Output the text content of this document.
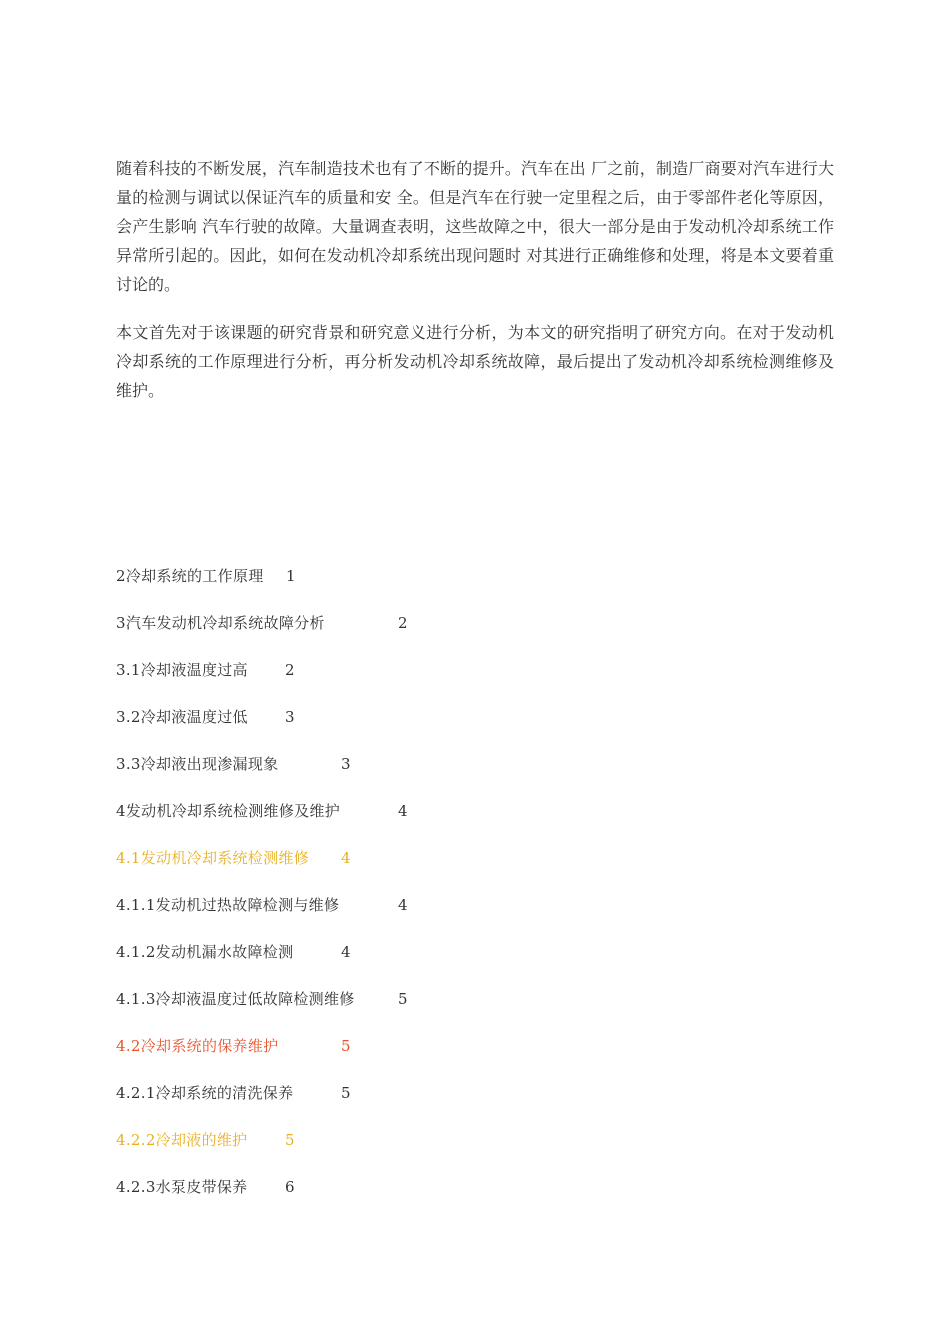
随着科技的不断发展，汽车制造技术也有了不断的提升。汽车在出 厂之前，制造厂商要对汽车进行大量的检测与调试以保证汽车的质量和安 全。但是汽车在行驶一定里程之后，由于零部件老化等原因，会产生影响 汽车行驶的故障。大量调查表明，这些故障之中，很大一部分是由于发动机冷却系统工作异常所引起的。因此，如何在发动机冷却系统出现问题时 对其进行正确维修和处理，将是本文要着重讨论的。

本文首先对于该课题的研究背景和研究意义进行分析，为本文的研究指明了研究方向。在对于发动机冷却系统的工作原理进行分析，再分析发动机冷却系统故障，最后提出了发动机冷却系统检测维修及维护。

2冷却系统的工作原理 1
3汽车发动机冷却系统故障分析	2
3.1冷却液温度过高 2
3.2冷却液温度过低 3
3.3冷却液出现渗漏现象	3
4发动机冷却系统检测维修及维护	4
4.1发动机冷却系统检测维修 4
4.1.1发动机过热故障检测与维修	4
4.1.2发动机漏水故障检测	4
4.1.3冷却液温度过低故障检测维修	5
4.2冷却系统的保养维护	5
4.2.1冷却系统的清洗保养	5
4.2.2冷却液的维护	5
4.2.3水泵皮带保养	6
